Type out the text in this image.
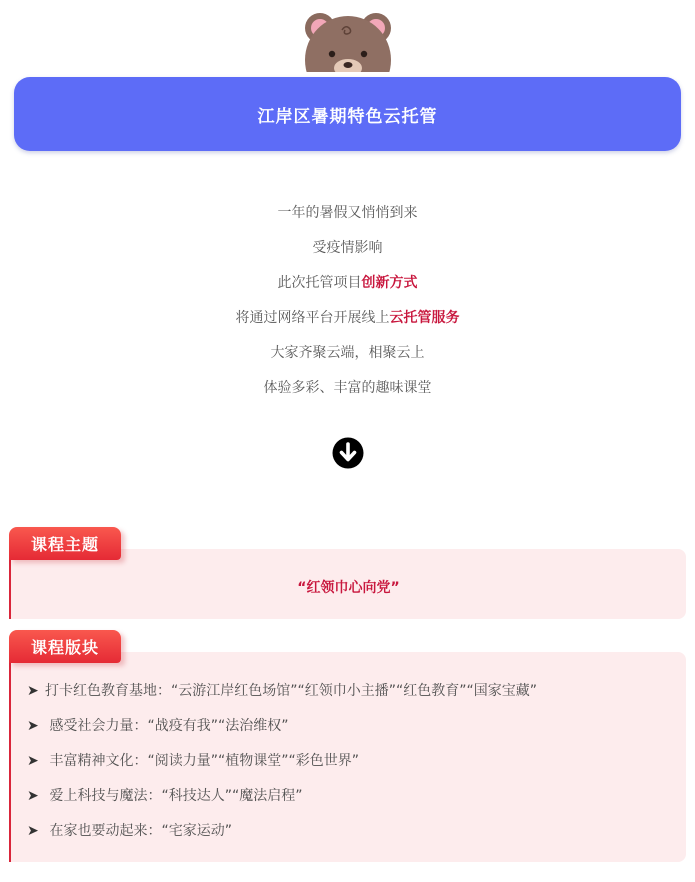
江岸区暑期特色云托管
一年的暑假又悄悄到来
受疫情影响
此次托管项目创新方式
将通过网络平台开展线上云托管服务
大家齐聚云端，相聚云上
体验多彩、丰富的趣味课堂
课程主题
“红领巾心向党”
课程版块
➤ 打卡红色教育基地：“云游江岸红色场馆”“红领巾小主播”“红色教育”“国家宝藏”
➤ 感受社会力量：“战疫有我”“法治维权”
➤ 丰富精神文化：“阅读力量”“植物课堂”“彩色世界”
➤ 爱上科技与魔法：“科技达人”“魔法启程”
➤ 在家也要动起来：“宅家运动”
